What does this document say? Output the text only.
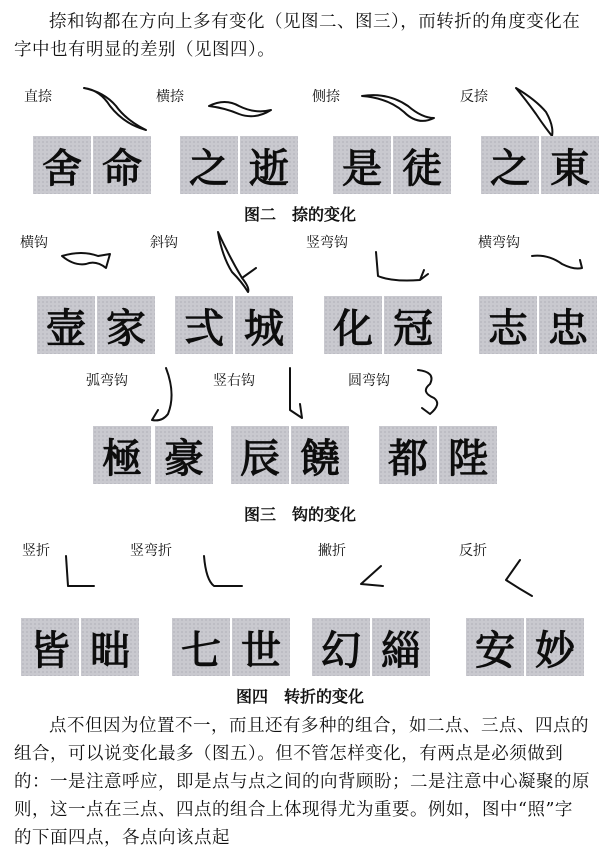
捺和钩都在方向上多有变化（见图二、图三），而转折的角度变化在字中也有明显的差别（见图四）。
直捺	横捺	侧捺	反捺
舍 命 之 逝 是 徒 之 東
图二　捺的变化
横钩	斜钩	竖弯钩	横弯钩
壸 家 弍 城 化 冠 志 忠
弧弯钩	竖右钩	圆弯钩
極 豪 辰 饒 都 陛
图三　钩的变化
竖折	竖弯折	撇折	反折
皆 昢 七 世 幻 緇 安 妙
图四　转折的变化
点不但因为位置不一，而且还有多种的组合，如二点、三点、四点的组合，可以说变化最多（图五）。但不管怎样变化，有两点是必须做到的：一是注意呼应，即是点与点之间的向背顾盼；二是注意中心凝聚的原则，这一点在三点、四点的组合上体现得尤为重要。例如，图中“照”字的下面四点，各点向该点起
